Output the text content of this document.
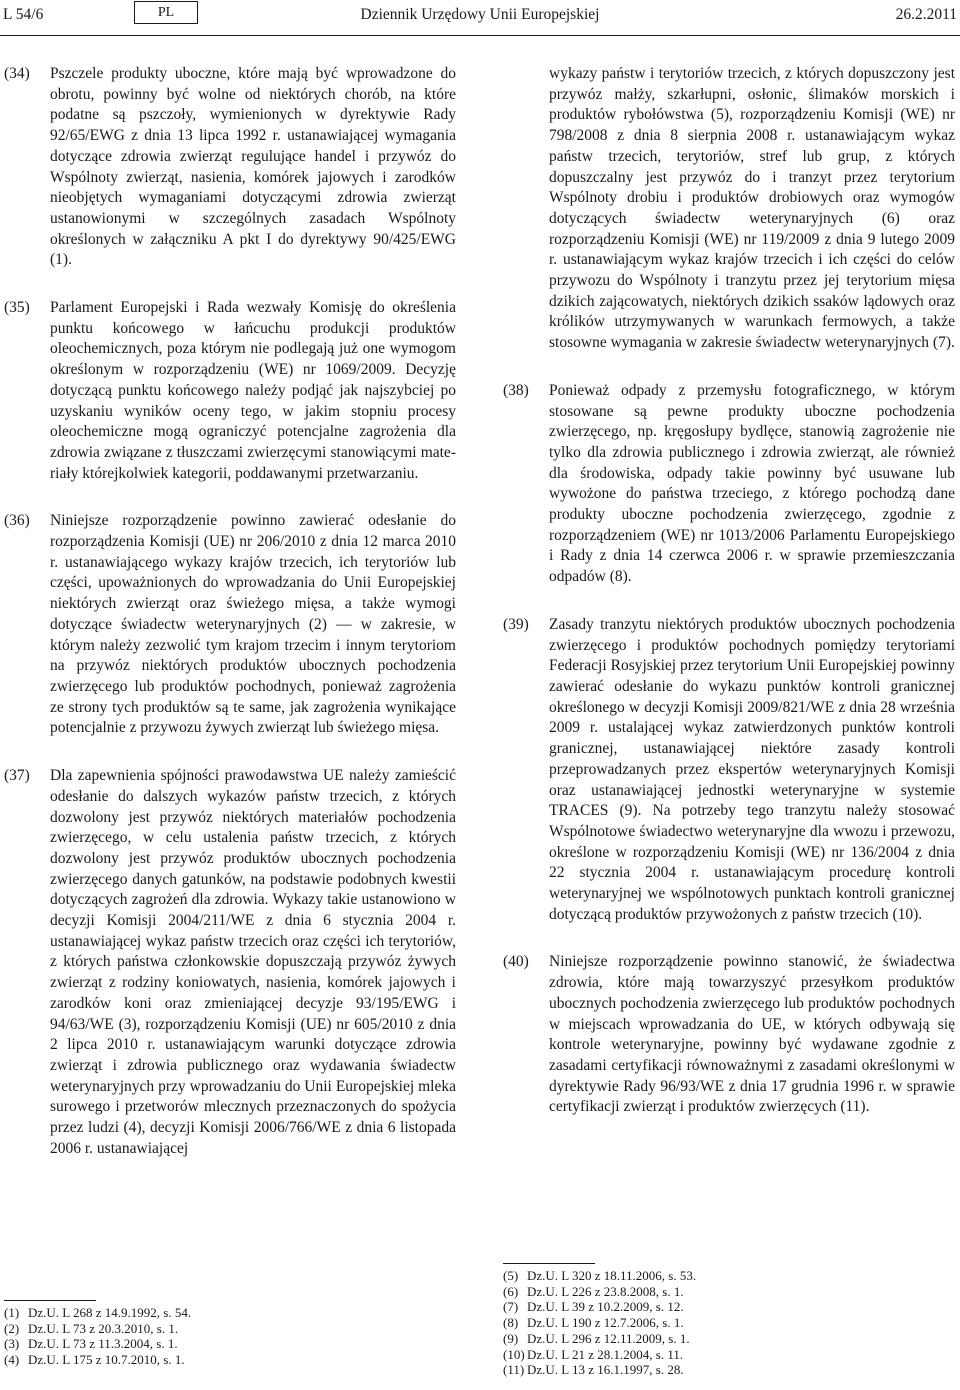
L 54/6	PL	Dziennik Urzędowy Unii Europejskiej	26.2.2011
(34)	Pszczele produkty uboczne, które mają być wprowadzone do obrotu, powinny być wolne od niektórych chorób, na które podatne są pszczoły, wymienionych w dyrektywie Rady 92/65/EWG z dnia 13 lipca 1992 r. ustanawiającej wymagania dotyczące zdrowia zwierząt regulujące handel i przywóz do Wspólnoty zwierząt, nasienia, komórek jajowych i zarodków nieobjętych wymaganiami dotyczącymi zdrowia zwierząt ustanowionymi w szczególnych zasadach Wspólnoty określonych w załączniku A pkt I do dyrektywy 90/425/EWG (1).
(35)	Parlament Europejski i Rada wezwały Komisję do określenia punktu końcowego w łańcuchu produkcji produktów oleochemicznych, poza którym nie podlegają już one wymogom określonym w rozporządzeniu (WE) nr 1069/2009. Decyzję dotyczącą punktu końcowego należy podjąć jak najszybciej po uzyskaniu wyników oceny tego, w jakim stopniu procesy oleochemiczne mogą ograniczyć potencjalne zagrożenia dla zdrowia związane z tłuszczami zwierzęcymi stanowiącymi materiały którejkolwiek kategorii, poddawanymi przetwarzaniu.
(36)	Niniejsze rozporządzenie powinno zawierać odesłanie do rozporządzenia Komisji (UE) nr 206/2010 z dnia 12 marca 2010 r. ustanawiającego wykazy krajów trzecich, ich terytoriów lub części, upoważnionych do wprowadzania do Unii Europejskiej niektórych zwierząt oraz świeżego mięsa, a także wymogi dotyczące świadectw weterynaryjnych (2) — w zakresie, w którym należy zezwolić tym krajom trzecim i innym terytoriom na przywóz niektórych produktów ubocznych pochodzenia zwierzęcego lub produktów pochodnych, ponieważ zagrożenia ze strony tych produktów są te same, jak zagrożenia wynikające potencjalnie z przywozu żywych zwierząt lub świeżego mięsa.
(37)	Dla zapewnienia spójności prawodawstwa UE należy zamieścić odesłanie do dalszych wykazów państw trzecich, z których dozwolony jest przywóz niektórych materiałów pochodzenia zwierzęcego, w celu ustalenia państw trzecich, z których dozwolony jest przywóz produktów ubocznych pochodzenia zwierzęcego danych gatunków, na podstawie podobnych kwestii dotyczących zagrożeń dla zdrowia. Wykazy takie ustanowiono w decyzji Komisji 2004/211/WE z dnia 6 stycznia 2004 r. ustanawiającej wykaz państw trzecich oraz części ich terytoriów, z których państwa członkowskie dopuszczają przywóz żywych zwierząt z rodziny koniowatych, nasienia, komórek jajowych i zarodków koni oraz zmieniającej decyzje 93/195/EWG i 94/63/WE (3), rozporządzeniu Komisji (UE) nr 605/2010 z dnia 2 lipca 2010 r. ustanawiającym warunki dotyczące zdrowia zwierząt i zdrowia publicznego oraz wydawania świadectw weterynaryjnych przy wprowadzaniu do Unii Europejskiej mleka surowego i przetworów mlecznych przeznaczonych do spożycia przez ludzi (4), decyzji Komisji 2006/766/WE z dnia 6 listopada 2006 r. ustanawiającej
wykazy państw i terytoriów trzecich, z których dopuszczony jest przywóz małży, szkarłupni, osłonic, ślimaków morskich i produktów rybołówstwa (5), rozporządzeniu Komisji (WE) nr 798/2008 z dnia 8 sierpnia 2008 r. ustanawiającym wykaz państw trzecich, terytoriów, stref lub grup, z których dopuszczalny jest przywóz do i tranzyt przez terytorium Wspólnoty drobiu i produktów drobiowych oraz wymogów dotyczących świadectw weterynaryjnych (6) oraz rozporządzeniu Komisji (WE) nr 119/2009 z dnia 9 lutego 2009 r. ustanawiającym wykaz krajów trzecich i ich części do celów przywozu do Wspólnoty i tranzytu przez jej terytorium mięsa dzikich zającowatych, niektórych dzikich ssaków lądowych oraz królików utrzymywanych w warunkach fermowych, a także stosowne wymagania w zakresie świadectw weterynaryjnych (7).
(38)	Ponieważ odpady z przemysłu fotograficznego, w którym stosowane są pewne produkty uboczne pochodzenia zwierzęcego, np. kręgosłupy bydlęce, stanowią zagrożenie nie tylko dla zdrowia publicznego i zdrowia zwierząt, ale również dla środowiska, odpady takie powinny być usuwane lub wywożone do państwa trzeciego, z którego pochodzą dane produkty uboczne pochodzenia zwierzęcego, zgodnie z rozporządzeniem (WE) nr 1013/2006 Parlamentu Europejskiego i Rady z dnia 14 czerwca 2006 r. w sprawie przemieszczania odpadów (8).
(39)	Zasady tranzytu niektórych produktów ubocznych pochodzenia zwierzęcego i produktów pochodnych pomiędzy terytoriami Federacji Rosyjskiej przez terytorium Unii Europejskiej powinny zawierać odesłanie do wykazu punktów kontroli granicznej określonego w decyzji Komisji 2009/821/WE z dnia 28 września 2009 r. ustalającej wykaz zatwierdzonych punktów kontroli granicznej, ustanawiającej niektóre zasady kontroli przeprowadzanych przez ekspertów weterynaryjnych Komisji oraz ustanawiającej jednostki weterynaryjne w systemie TRACES (9). Na potrzeby tego tranzytu należy stosować Wspólnotowe świadectwo weterynaryjne dla wwozu i przewozu, określone w rozporządzeniu Komisji (WE) nr 136/2004 z dnia 22 stycznia 2004 r. ustanawiającym procedurę kontroli weterynaryjnej we wspólnotowych punktach kontroli granicznej dotyczącą produktów przywożonych z państw trzecich (10).
(40)	Niniejsze rozporządzenie powinno stanowić, że świadectwa zdrowia, które mają towarzyszyć przesyłkom produktów ubocznych pochodzenia zwierzęcego lub produktów pochodnych w miejscach wprowadzania do UE, w których odbywają się kontrole weterynaryjne, powinny być wydawane zgodnie z zasadami certyfikacji równoważnymi z zasadami określonymi w dyrektywie Rady 96/93/WE z dnia 17 grudnia 1996 r. w sprawie certyfikacji zwierząt i produktów zwierzęcych (11).
(1) Dz.U. L 268 z 14.9.1992, s. 54.
(2) Dz.U. L 73 z 20.3.2010, s. 1.
(3) Dz.U. L 73 z 11.3.2004, s. 1.
(4) Dz.U. L 175 z 10.7.2010, s. 1.
(5) Dz.U. L 320 z 18.11.2006, s. 53.
(6) Dz.U. L 226 z 23.8.2008, s. 1.
(7) Dz.U. L 39 z 10.2.2009, s. 12.
(8) Dz.U. L 190 z 12.7.2006, s. 1.
(9) Dz.U. L 296 z 12.11.2009, s. 1.
(10) Dz.U. L 21 z 28.1.2004, s. 11.
(11) Dz.U. L 13 z 16.1.1997, s. 28.
